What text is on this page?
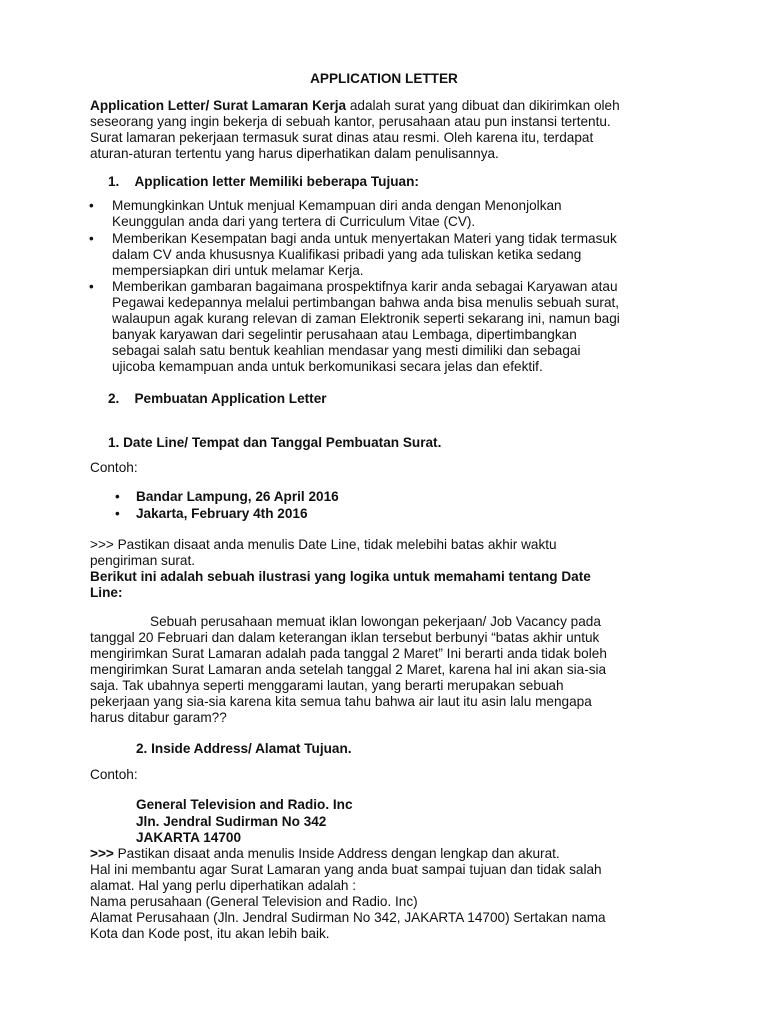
APPLICATION LETTER
Application Letter/ Surat Lamaran Kerja adalah surat yang dibuat dan dikirimkan oleh
seseorang yang ingin bekerja di sebuah kantor, perusahaan atau pun instansi tertentu.
Surat lamaran pekerjaan termasuk surat dinas atau resmi. Oleh karena itu, terdapat
aturan-aturan tertentu yang harus diperhatikan dalam penulisannya.
1.    Application letter Memiliki beberapa Tujuan:
• Memungkinkan Untuk menjual Kemampuan diri anda dengan Menonjolkan
Keunggulan anda dari yang tertera di Curriculum Vitae (CV).
• Memberikan Kesempatan bagi anda untuk menyertakan Materi yang tidak termasuk
dalam CV anda khususnya Kualifikasi pribadi yang ada tuliskan ketika sedang
mempersiapkan diri untuk melamar Kerja.
• Memberikan gambaran bagaimana prospektifnya karir anda sebagai Karyawan atau
Pegawai kedepannya melalui pertimbangan bahwa anda bisa menulis sebuah surat,
walaupun agak kurang relevan di zaman Elektronik seperti sekarang ini, namun bagi
banyak karyawan dari segelintir perusahaan atau Lembaga, dipertimbangkan
sebagai salah satu bentuk keahlian mendasar yang mesti dimiliki dan sebagai
ujicoba kemampuan anda untuk berkomunikasi secara jelas dan efektif.
2.    Pembuatan Application Letter
1. Date Line/ Tempat dan Tanggal Pembuatan Surat.
Contoh:
• Bandar Lampung, 26 April 2016
• Jakarta, February 4th 2016
>>> Pastikan disaat anda menulis Date Line, tidak melebihi batas akhir waktu
pengiriman surat.
Berikut ini adalah sebuah ilustrasi yang logika untuk memahami tentang Date
Line:
Sebuah perusahaan memuat iklan lowongan pekerjaan/ Job Vacancy pada
tanggal 20 Februari dan dalam keterangan iklan tersebut berbunyi “batas akhir untuk
mengirimkan Surat Lamaran adalah pada tanggal 2 Maret” Ini berarti anda tidak boleh
mengirimkan Surat Lamaran anda setelah tanggal 2 Maret, karena hal ini akan sia-sia
saja. Tak ubahnya seperti menggarami lautan, yang berarti merupakan sebuah
pekerjaan yang sia-sia karena kita semua tahu bahwa air laut itu asin lalu mengapa
harus ditabur garam??
2. Inside Address/ Alamat Tujuan.
Contoh:
General Television and Radio. Inc
Jln. Jendral Sudirman No 342
JAKARTA 14700
>>> Pastikan disaat anda menulis Inside Address dengan lengkap dan akurat.
Hal ini membantu agar Surat Lamaran yang anda buat sampai tujuan dan tidak salah
alamat. Hal yang perlu diperhatikan adalah :
Nama perusahaan (General Television and Radio. Inc)
Alamat Perusahaan (Jln. Jendral Sudirman No 342, JAKARTA 14700) Sertakan nama
Kota dan Kode post, itu akan lebih baik.
